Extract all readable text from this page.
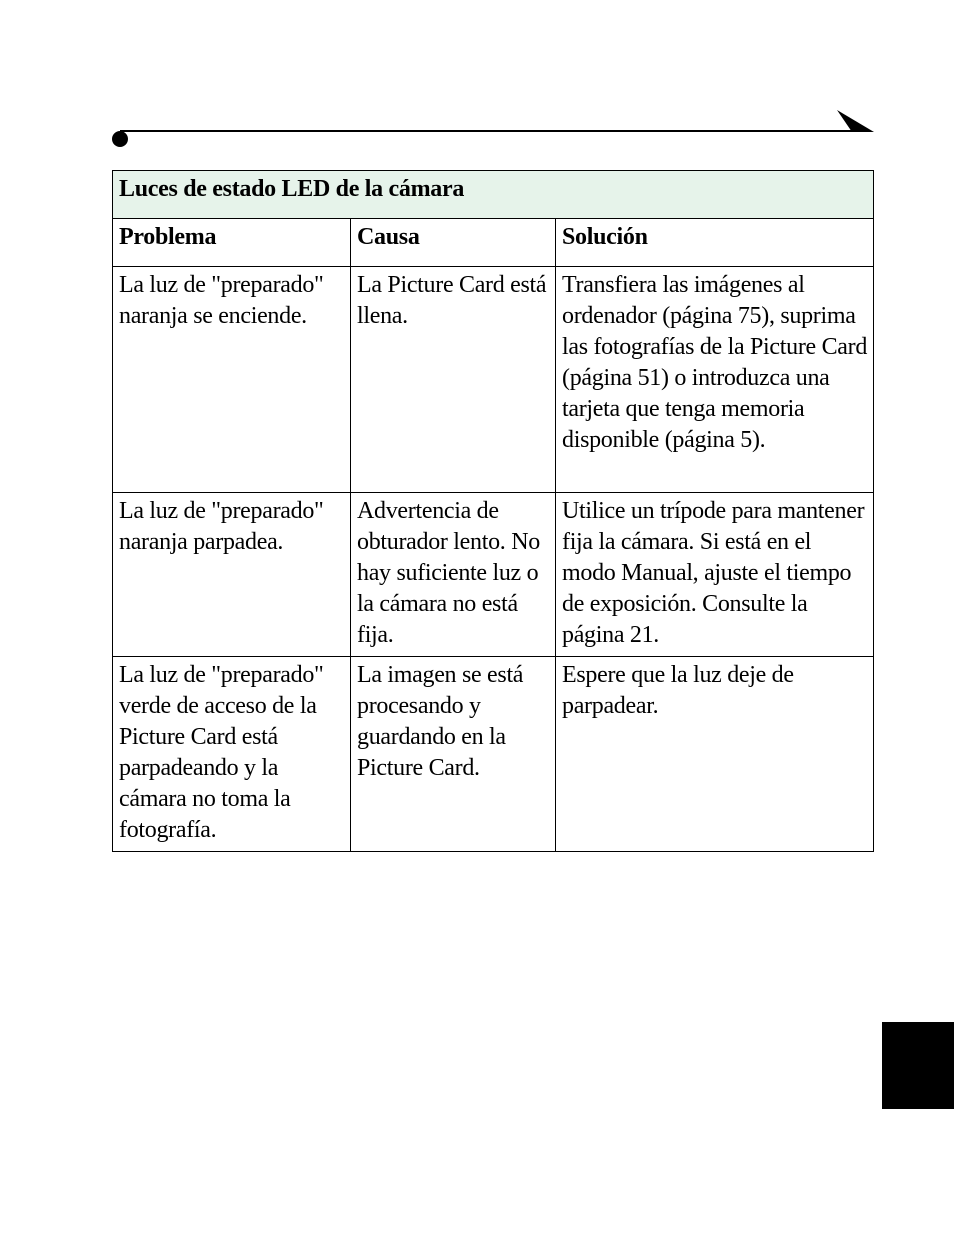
Luces de estado LED de la cámara		
Problema	Causa	Solución
La luz de "preparado" naranja se enciende.	La Picture Card está llena.	Transfiera las imágenes al ordenador (página 75), suprima las fotografías de la Picture Card (página 51) o introduzca una tarjeta que tenga memoria disponible (página 5).
La luz de "preparado" naranja parpadea.	Advertencia de obturador lento. No hay suficiente luz o la cámara no está fija.	Utilice un trípode para mantener fija la cámara. Si está en el modo Manual, ajuste el tiempo de exposición. Consulte la página 21.
La luz de "preparado" verde de acceso de la Picture Card está parpadeando y la cámara no toma la fotografía.	La imagen se está procesando y guardando en la Picture Card.	Espere que la luz deje de parpadear.
